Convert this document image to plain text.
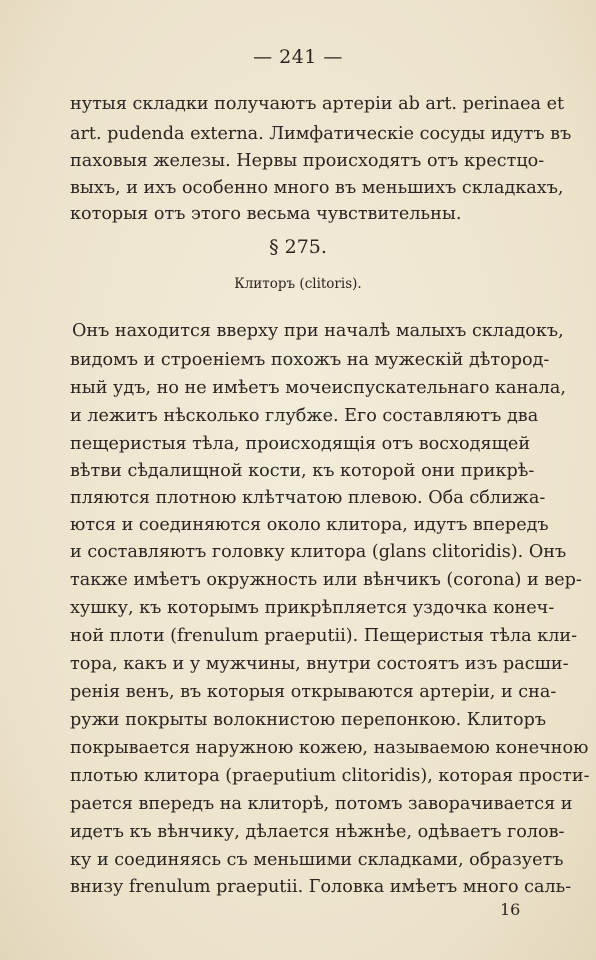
— 241 —
нутыя складки получаютъ артеріи ab art. perinaea et
art. pudenda externa. Лимфатическіе сосуды идутъ въ
паховыя железы. Нервы происходятъ отъ крестцо-
выхъ, и ихъ особенно много въ меньшихъ складкахъ,
которыя отъ этого весьма чувствительны.
§ 275.
Клиторъ (clitoris).
Онъ находится вверху при началѣ малыхъ складокъ,
видомъ и строеніемъ похожъ на мужескій дѣтород-
ный удъ, но не имѣетъ мочеиспускательнаго канала,
и лежитъ нѣсколько глубже. Его составляютъ два
пещеристыя тѣла, происходящія отъ восходящей
вѣтви сѣдалищной кости, къ которой они прикрѣ-
пляются плотною клѣтчатою плевою. Оба сближа-
ются и соединяются около клитора, идутъ впередъ
и составляютъ головку клитора (glans clitoridis). Онъ
также имѣетъ окружность или вѣнчикъ (corona) и вер-
хушку, къ которымъ прикрѣпляется уздочка конеч-
ной плоти (frenulum praeputii). Пещеристыя тѣла кли-
тора, какъ и у мужчины, внутри состоятъ изъ расши-
ренія венъ, въ которыя открываются артеріи, и сна-
ружи покрыты волокнистою перепонкою. Клиторъ
покрывается наружною кожею, называемою конечною
плотью клитора (praeputium clitoridis), которая прости-
рается впередъ на клиторѣ, потомъ заворачивается и
идетъ къ вѣнчику, дѣлается нѣжнѣе, одѣваетъ голов-
ку и соединяясь съ меньшими складками, образуетъ
внизу frenulum praeputii. Головка имѣетъ много саль-
16
